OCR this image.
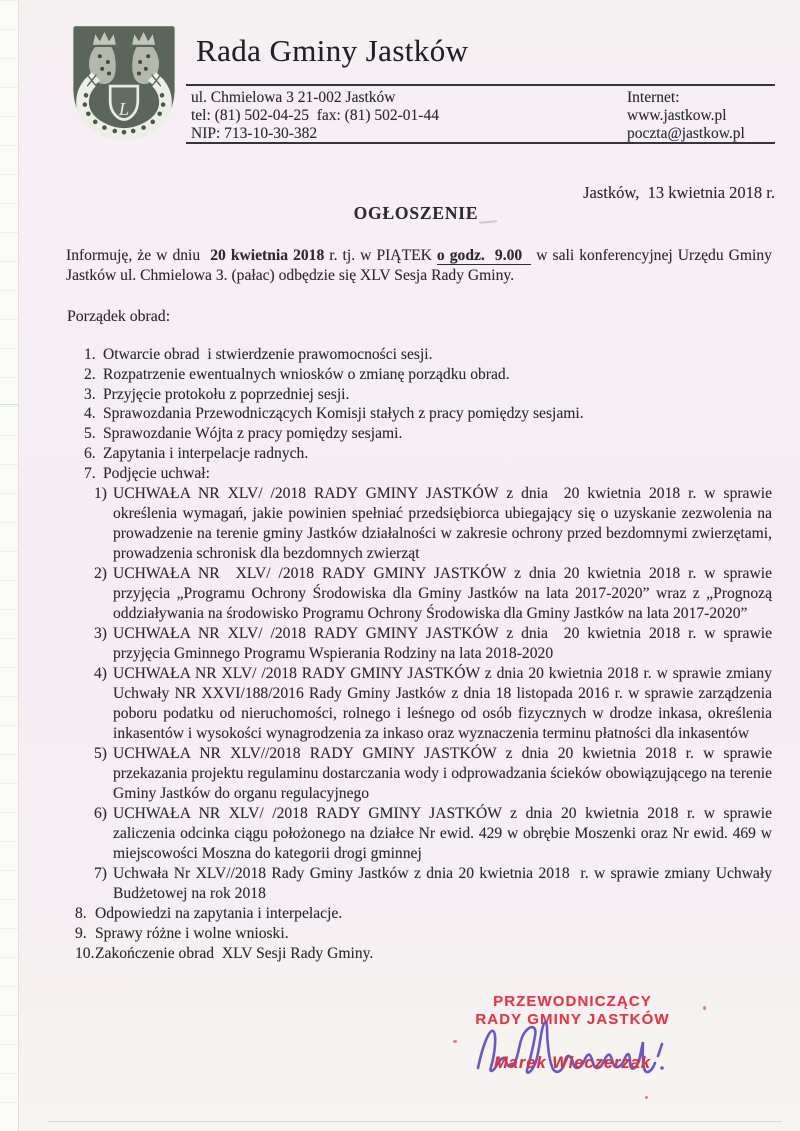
L
Rada Gminy Jastków
ul. Chmielowa 3 21-002 Jastków
tel: (81) 502-04-25  fax: (81) 502-01-44
NIP: 713-10-30-382
Internet:
www.jastkow.pl
poczta@jastkow.pl
Jastków,  13 kwietnia 2018 r.
OGŁOSZENIE

Informuję, że w dniu  20 kwietnia 2018 r. tj. w PIĄTEK o godz.  9.00 w sali konferencyjnej Urzędu Gminy Jastków ul. Chmielowa 3. (pałac) odbędzie się XLV Sesja Rady Gminy.

Porządek obrad:
1. Otwarcie obrad  i stwierdzenie prawomocności sesji.
2. Rozpatrzenie ewentualnych wniosków o zmianę porządku obrad.
3. Przyjęcie protokołu z poprzedniej sesji.
4. Sprawozdania Przewodniczących Komisji stałych z pracy pomiędzy sesjami.
5. Sprawozdanie Wójta z pracy pomiędzy sesjami.
6. Zapytania i interpelacje radnych.
7. Podjęcie uchwał:
1) UCHWAŁA NR XLV/ /2018 RADY GMINY JASTKÓW z dnia  20 kwietnia 2018 r. w sprawie określenia wymagań, jakie powinien spełniać przedsiębiorca ubiegający się o uzyskanie zezwolenia na prowadzenie na terenie gminy Jastków działalności w zakresie ochrony przed bezdomnymi zwierzętami, prowadzenia schronisk dla bezdomnych zwierząt
2) UCHWAŁA NR  XLV/ /2018 RADY GMINY JASTKÓW z dnia 20 kwietnia 2018 r. w sprawie przyjęcia „Programu Ochrony Środowiska dla Gminy Jastków na lata 2017-2020” wraz z „Prognozą oddziaływania na środowisko Programu Ochrony Środowiska dla Gminy Jastków na lata 2017-2020”
3) UCHWAŁA NR XLV/ /2018 RADY GMINY JASTKÓW z dnia  20 kwietnia 2018 r. w sprawie przyjęcia Gminnego Programu Wspierania Rodziny na lata 2018-2020
4) UCHWAŁA NR XLV/ /2018 RADY GMINY JASTKÓW z dnia 20 kwietnia 2018 r. w sprawie zmiany Uchwały NR XXVI/188/2016 Rady Gminy Jastków z dnia 18 listopada 2016 r. w sprawie zarządzenia poboru podatku od nieruchomości, rolnego i leśnego od osób fizycznych w drodze inkasa, określenia inkasentów i wysokości wynagrodzenia za inkaso oraz wyznaczenia terminu płatności dla inkasentów
5) UCHWAŁA NR XLV//2018 RADY GMINY JASTKÓW z dnia 20 kwietnia 2018 r. w sprawie przekazania projektu regulaminu dostarczania wody i odprowadzania ścieków obowiązującego na terenie Gminy Jastków do organu regulacyjnego
6) UCHWAŁA NR XLV/ /2018 RADY GMINY JASTKÓW z dnia 20 kwietnia 2018 r. w sprawie zaliczenia odcinka ciągu położonego na działce Nr ewid. 429 w obrębie Moszenki oraz Nr ewid. 469 w miejscowości Moszna do kategorii drogi gminnej
7) Uchwała Nr XLV//2018 Rady Gminy Jastków z dnia 20 kwietnia 2018  r. w sprawie zmiany Uchwały Budżetowej na rok 2018
8. Odpowiedzi na zapytania i interpelacje.
9. Sprawy różne i wolne wnioski.
10. Zakończenie obrad  XLV Sesji Rady Gminy.
PRZEWODNICZĄCY
RADY GMINY JASTKÓW
Marek Wieczerzak
